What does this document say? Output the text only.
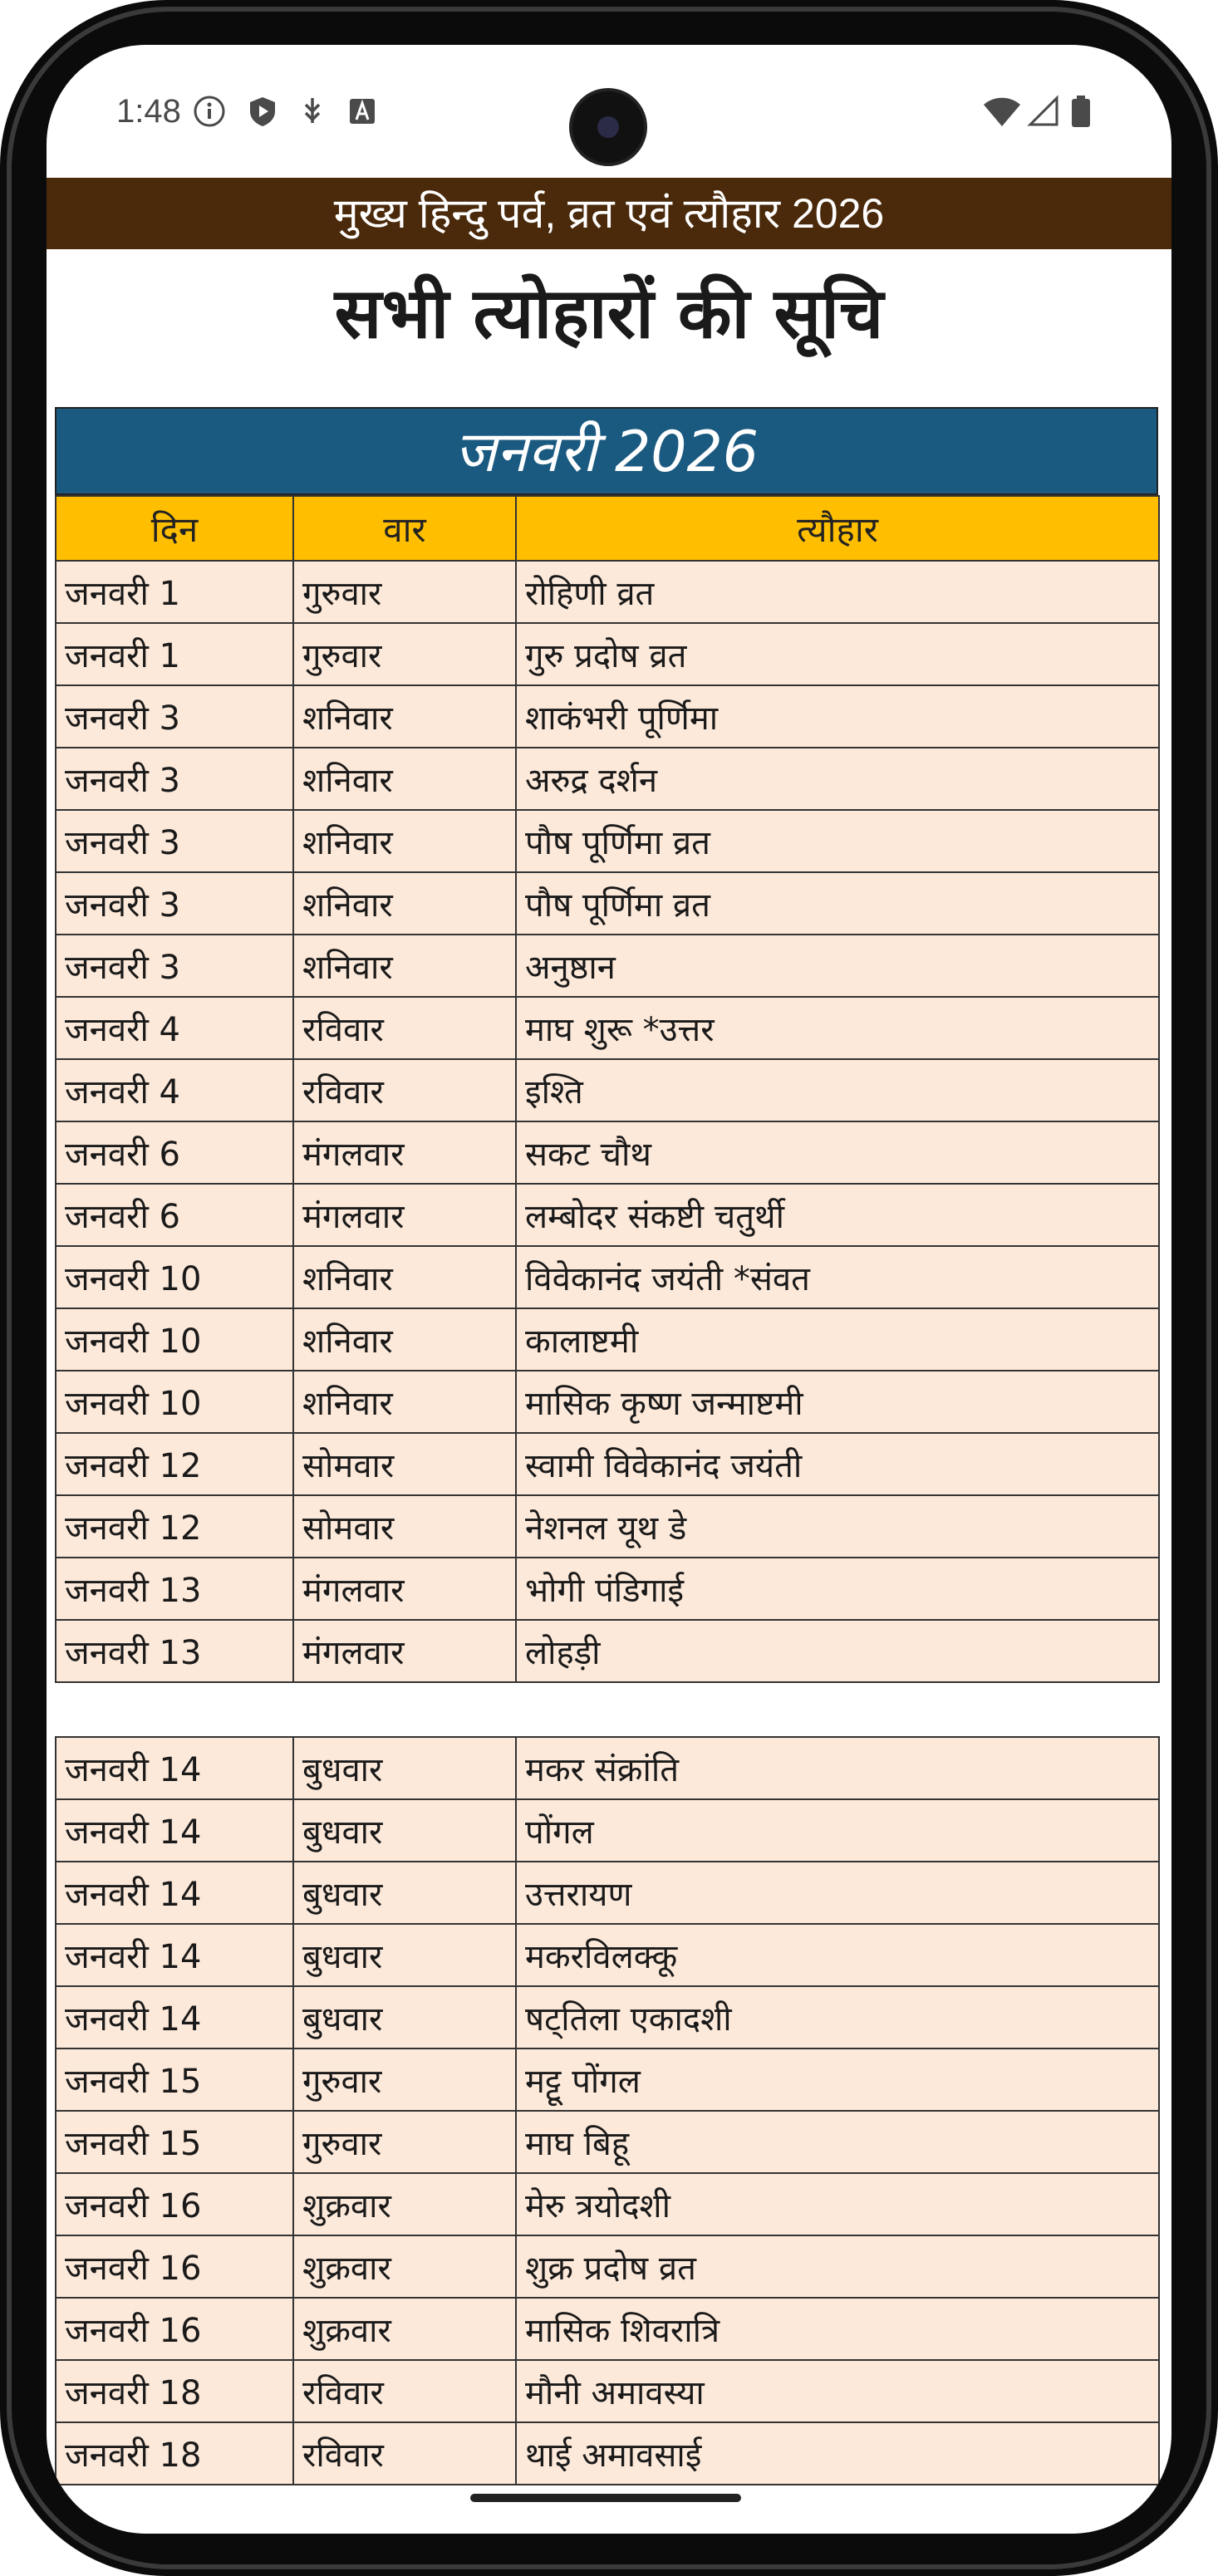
1:48
मुख्य हिन्दु पर्व, व्रत एवं त्यौहार 2026
सभी त्योहारों की सूचि
जनवरी 2026
दिन	वार	त्यौहार
जनवरी 1	गुरुवार	रोहिणी व्रत
जनवरी 1	गुरुवार	गुरु प्रदोष व्रत
जनवरी 3	शनिवार	शाकंभरी पूर्णिमा
जनवरी 3	शनिवार	अरुद्र दर्शन
जनवरी 3	शनिवार	पौष पूर्णिमा व्रत
जनवरी 3	शनिवार	पौष पूर्णिमा व्रत
जनवरी 3	शनिवार	अनुष्ठान
जनवरी 4	रविवार	माघ शुरू *उत्तर
जनवरी 4	रविवार	इश्ति
जनवरी 6	मंगलवार	सकट चौथ
जनवरी 6	मंगलवार	लम्बोदर संकष्टी चतुर्थी
जनवरी 10	शनिवार	विवेकानंद जयंती *संवत
जनवरी 10	शनिवार	कालाष्टमी
जनवरी 10	शनिवार	मासिक कृष्ण जन्माष्टमी
जनवरी 12	सोमवार	स्वामी विवेकानंद जयंती
जनवरी 12	सोमवार	नेशनल यूथ डे
जनवरी 13	मंगलवार	भोगी पंडिगाई
जनवरी 13	मंगलवार	लोहड़ी
जनवरी 14	बुधवार	मकर संक्रांति
जनवरी 14	बुधवार	पोंगल
जनवरी 14	बुधवार	उत्तरायण
जनवरी 14	बुधवार	मकरविलक्कू
जनवरी 14	बुधवार	षट्तिला एकादशी
जनवरी 15	गुरुवार	मट्टू पोंगल
जनवरी 15	गुरुवार	माघ बिहू
जनवरी 16	शुक्रवार	मेरु त्रयोदशी
जनवरी 16	शुक्रवार	शुक्र प्रदोष व्रत
जनवरी 16	शुक्रवार	मासिक शिवरात्रि
जनवरी 18	रविवार	मौनी अमावस्या
जनवरी 18	रविवार	थाई अमावसाई
